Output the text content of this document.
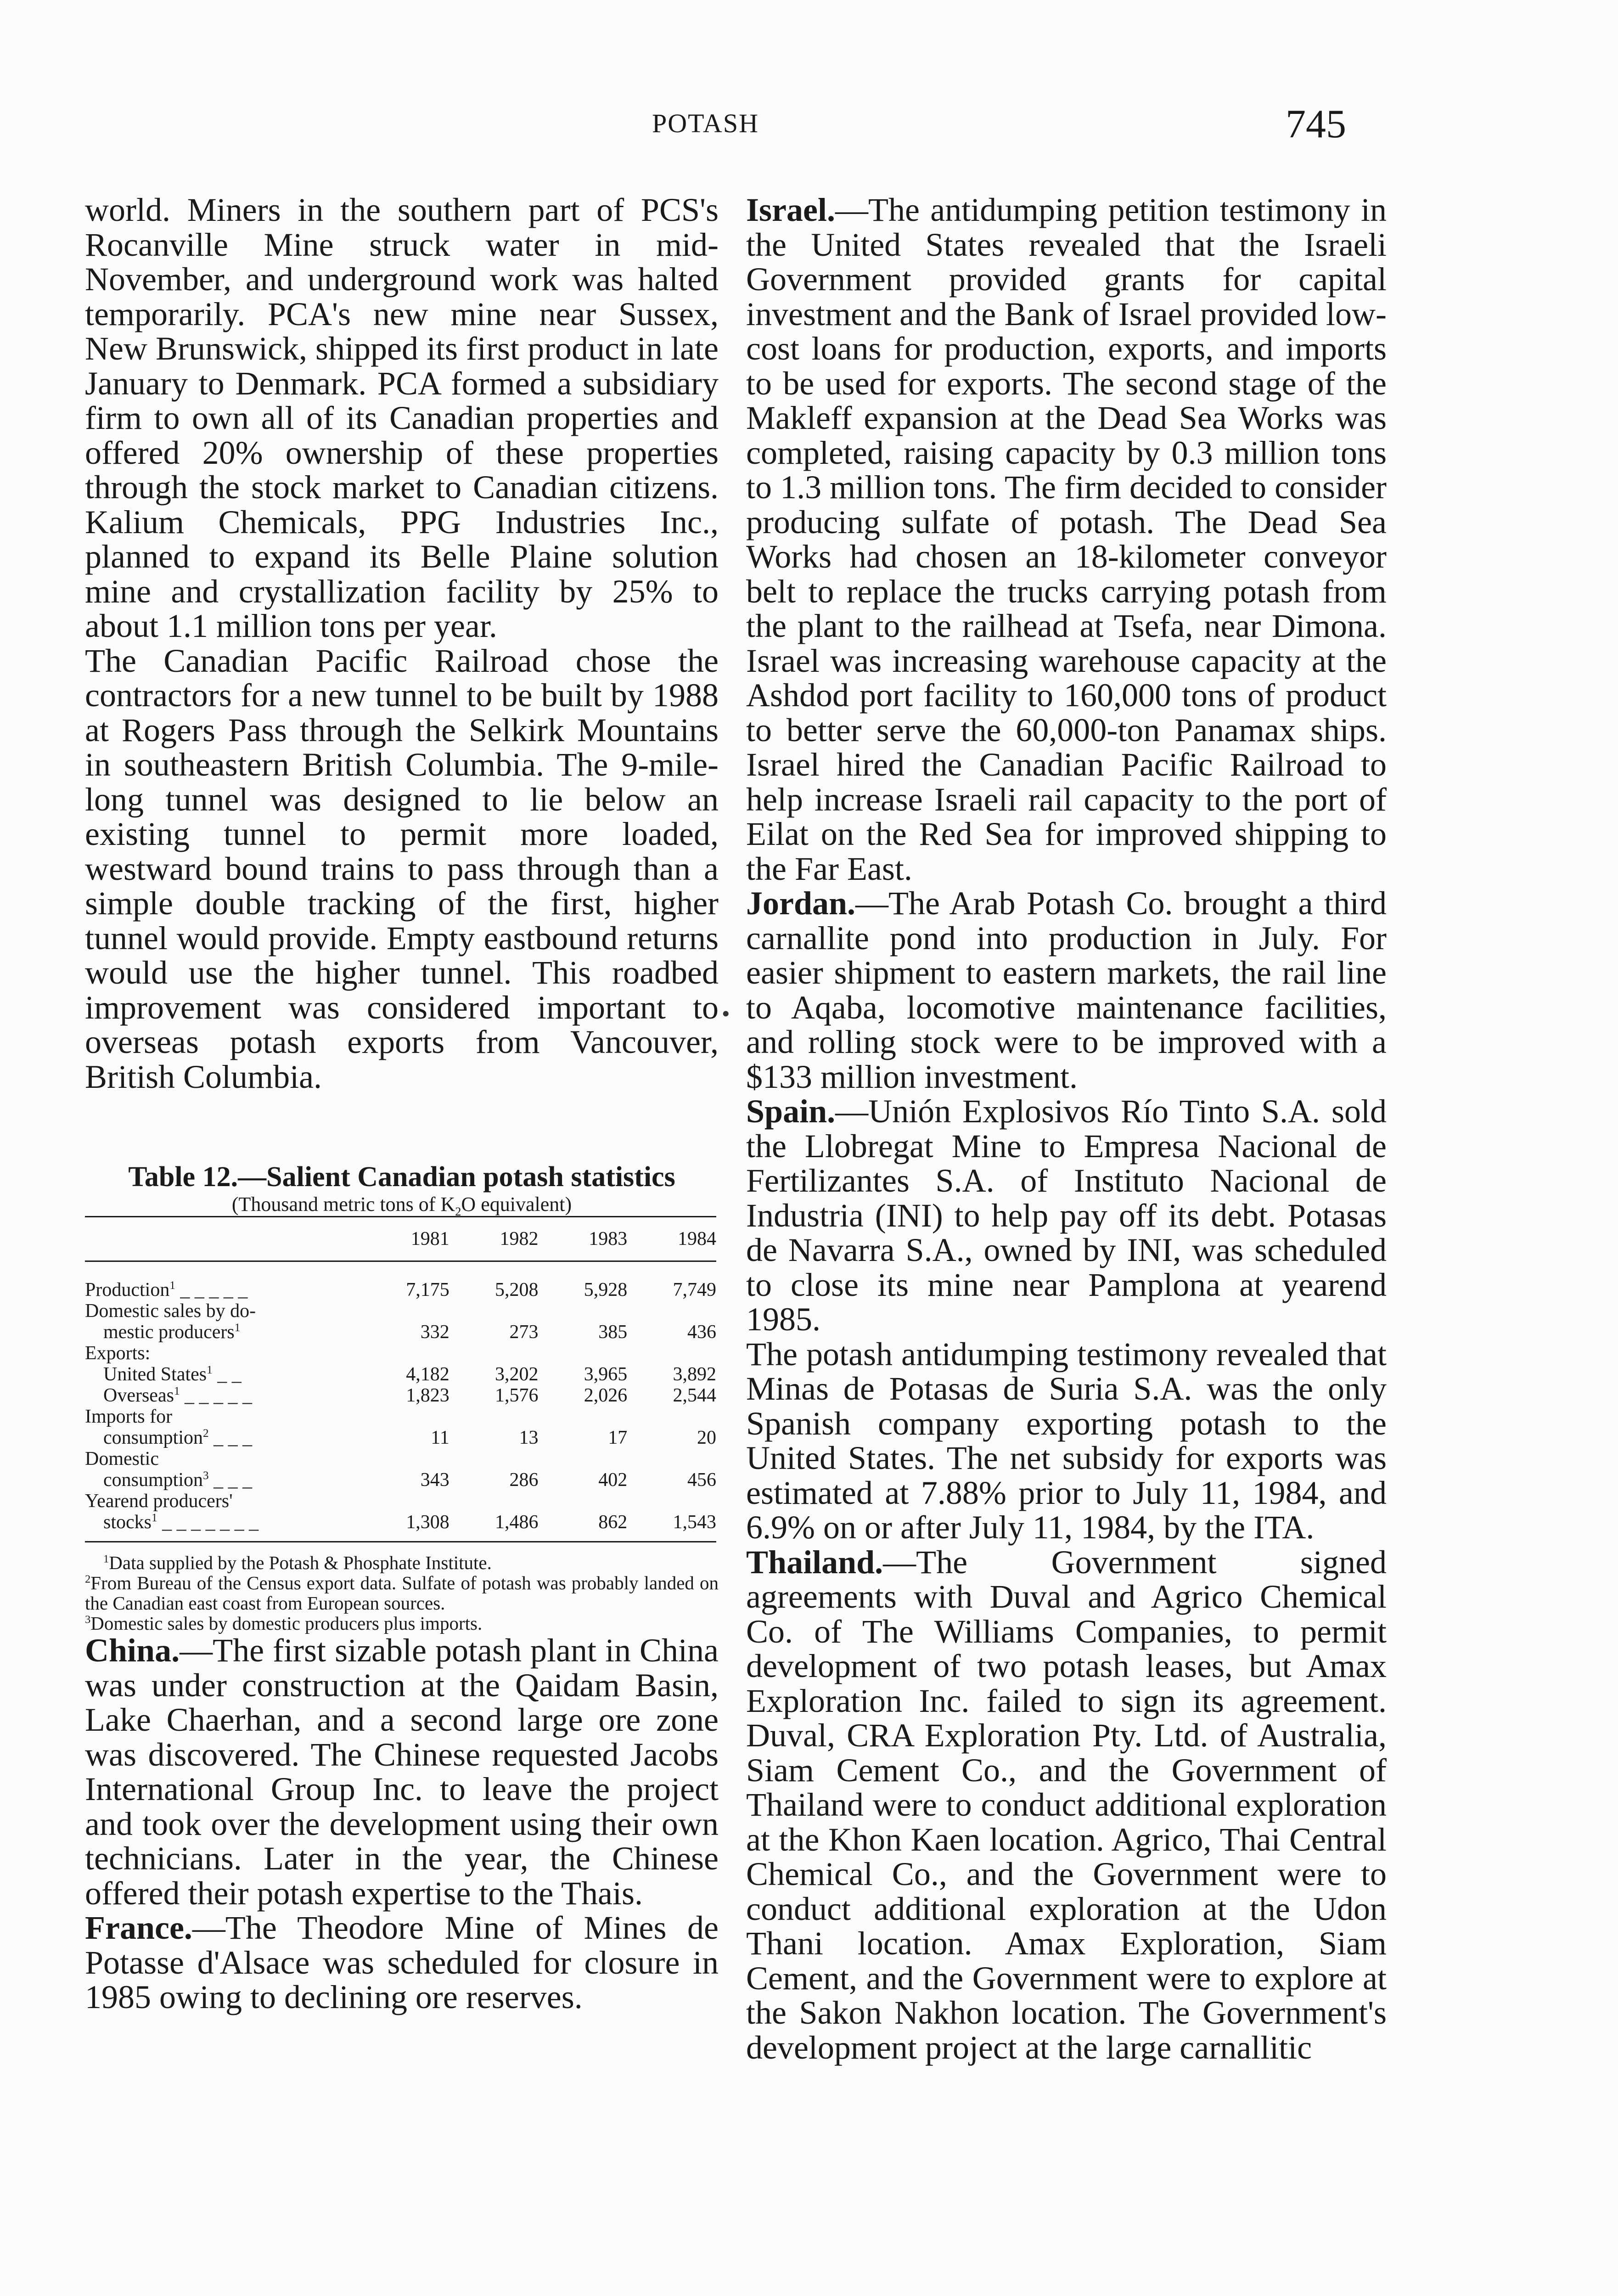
POTASH	745

world. Miners in the southern part of PCS's Rocanville Mine struck water in mid-November, and underground work was halted temporarily. PCA's new mine near Sussex, New Brunswick, shipped its first product in late January to Denmark. PCA formed a subsidiary firm to own all of its Canadian properties and offered 20% ownership of these properties through the stock market to Canadian citizens. Kalium Chemicals, PPG Industries Inc., planned to expand its Belle Plaine solution mine and crystallization facility by 25% to about 1.1 million tons per year.

The Canadian Pacific Railroad chose the contractors for a new tunnel to be built by 1988 at Rogers Pass through the Selkirk Mountains in southeastern British Columbia. The 9-mile-long tunnel was designed to lie below an existing tunnel to permit more loaded, westward bound trains to pass through than a simple double tracking of the first, higher tunnel would provide. Empty eastbound returns would use the higher tunnel. This roadbed improvement was considered important to overseas potash exports from Vancouver, British Columbia.

Table 12.—Salient Canadian potash statistics

(Thousand metric tons of $K_2O$ equivalent)

	1981	1982	1983	1984
Production$^1$ _ _ _ _ _	7,175	5,208	5,928	7,749
Domestic sales by do-				
mestic producers$^1$	332	273	385	436
Exports:				
United States$^1$ _ _	4,182	3,202	3,965	3,892
Overseas$^1$ _ _ _ _ _	1,823	1,576	2,026	2,544
Imports for				
consumption$^2$ _ _ _	11	13	17	20
Domestic				
consumption$^3$ _ _ _	343	286	402	456
Yearend producers'				
stocks$^1$ _ _ _ _ _ _ _	1,308	1,486	862	1,543

$^1$Data supplied by the Potash & Phosphate Institute.

$^2$From Bureau of the Census export data. Sulfate of potash was probably landed on the Canadian east coast from European sources.

$^3$Domestic sales by domestic producers plus imports.

China.—The first sizable potash plant in China was under construction at the Qaidam Basin, Lake Chaerhan, and a second large ore zone was discovered. The Chinese requested Jacobs International Group Inc. to leave the project and took over the development using their own technicians. Later in the year, the Chinese offered their potash expertise to the Thais.

France.—The Theodore Mine of Mines de Potasse d'Alsace was scheduled for closure in 1985 owing to declining ore reserves.

•

Israel.—The antidumping petition testimony in the United States revealed that the Israeli Government provided grants for capital investment and the Bank of Israel provided low-cost loans for production, exports, and imports to be used for exports. The second stage of the Makleff expansion at the Dead Sea Works was completed, raising capacity by 0.3 million tons to 1.3 million tons. The firm decided to consider producing sulfate of potash. The Dead Sea Works had chosen an 18-kilometer conveyor belt to replace the trucks carrying potash from the plant to the railhead at Tsefa, near Dimona. Israel was increasing warehouse capacity at the Ashdod port facility to 160,000 tons of product to better serve the 60,000-ton Panamax ships. Israel hired the Canadian Pacific Railroad to help increase Israeli rail capacity to the port of Eilat on the Red Sea for improved shipping to the Far East.

Jordan.—The Arab Potash Co. brought a third carnallite pond into production in July. For easier shipment to eastern markets, the rail line to Aqaba, locomotive maintenance facilities, and rolling stock were to be improved with a $133 million investment.

Spain.—Unión Explosivos Río Tinto S.A. sold the Llobregat Mine to Empresa Nacional de Fertilizantes S.A. of Instituto Nacional de Industria (INI) to help pay off its debt. Potasas de Navarra S.A., owned by INI, was scheduled to close its mine near Pamplona at yearend 1985.

The potash antidumping testimony revealed that Minas de Potasas de Suria S.A. was the only Spanish company exporting potash to the United States. The net subsidy for exports was estimated at 7.88% prior to July 11, 1984, and 6.9% on or after July 11, 1984, by the ITA.

Thailand.—The Government signed agreements with Duval and Agrico Chemical Co. of The Williams Companies, to permit development of two potash leases, but Amax Exploration Inc. failed to sign its agreement. Duval, CRA Exploration Pty. Ltd. of Australia, Siam Cement Co., and the Government of Thailand were to conduct additional exploration at the Khon Kaen location. Agrico, Thai Central Chemical Co., and the Government were to conduct additional exploration at the Udon Thani location. Amax Exploration, Siam Cement, and the Government were to explore at the Sakon Nakhon location. The Government's development project at the large carnallitic
